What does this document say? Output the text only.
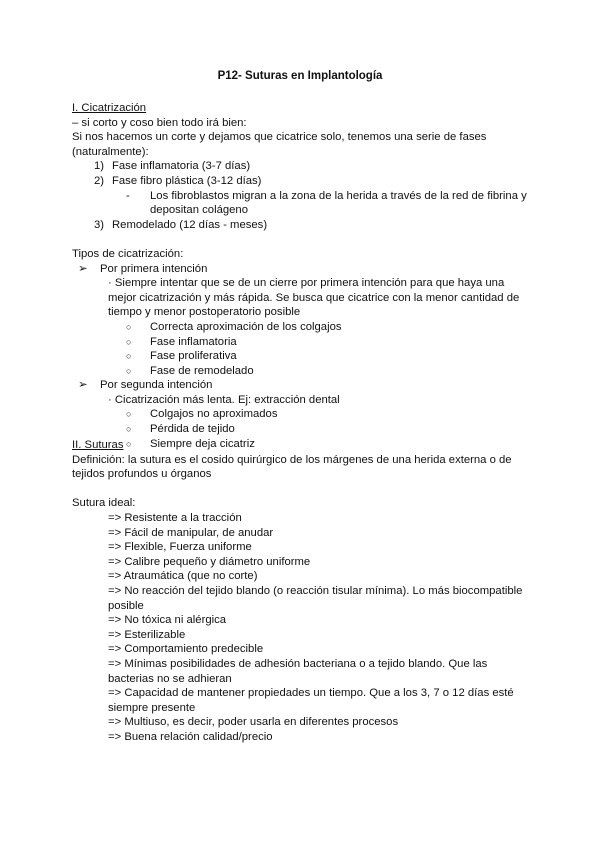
P12- Suturas en Implantología
I. Cicatrización
– si corto y coso bien todo irá bien:
Si nos hacemos un corte y dejamos que cicatrice solo, tenemos una serie de fases (naturalmente):
1) Fase inflamatoria (3-7 días)
2) Fase fibro plástica (3-12 días)
-	Los fibroblastos migran a la zona de la herida a través de la red de fibrina y depositan colágeno
3) Remodelado (12 días - meses)
Tipos de cicatrización:
➢	Por primera intención
· Siempre intentar que se de un cierre por primera intención para que haya una mejor cicatrización y más rápida. Se busca que cicatrice con la menor cantidad de tiempo y menor postoperatorio posible
○	Correcta aproximación de los colgajos
○	Fase inflamatoria
○	Fase proliferativa
○	Fase de remodelado
➢	Por segunda intención
· Cicatrización más lenta. Ej: extracción dental
○	Colgajos no aproximados
○	Pérdida de tejido
○	Siempre deja cicatriz
II. Suturas
Definición: la sutura es el cosido quirúrgico de los márgenes de una herida externa o de tejidos profundos u órganos
Sutura ideal:
=> Resistente a la tracción
=> Fácil de manipular, de anudar
=> Flexible, Fuerza uniforme
=> Calibre pequeño y diámetro uniforme
=> Atraumática (que no corte)
=> No reacción del tejido blando (o reacción tisular mínima). Lo más biocompatible posible
=> No tóxica ni alérgica
=> Esterilizable
=> Comportamiento predecible
=> Mínimas posibilidades de adhesión bacteriana o a tejido blando. Que las bacterias no se adhieran
=> Capacidad de mantener propiedades un tiempo. Que a los 3, 7 o 12 días esté siempre presente
=> Multiuso, es decir, poder usarla en diferentes procesos
=> Buena relación calidad/precio
